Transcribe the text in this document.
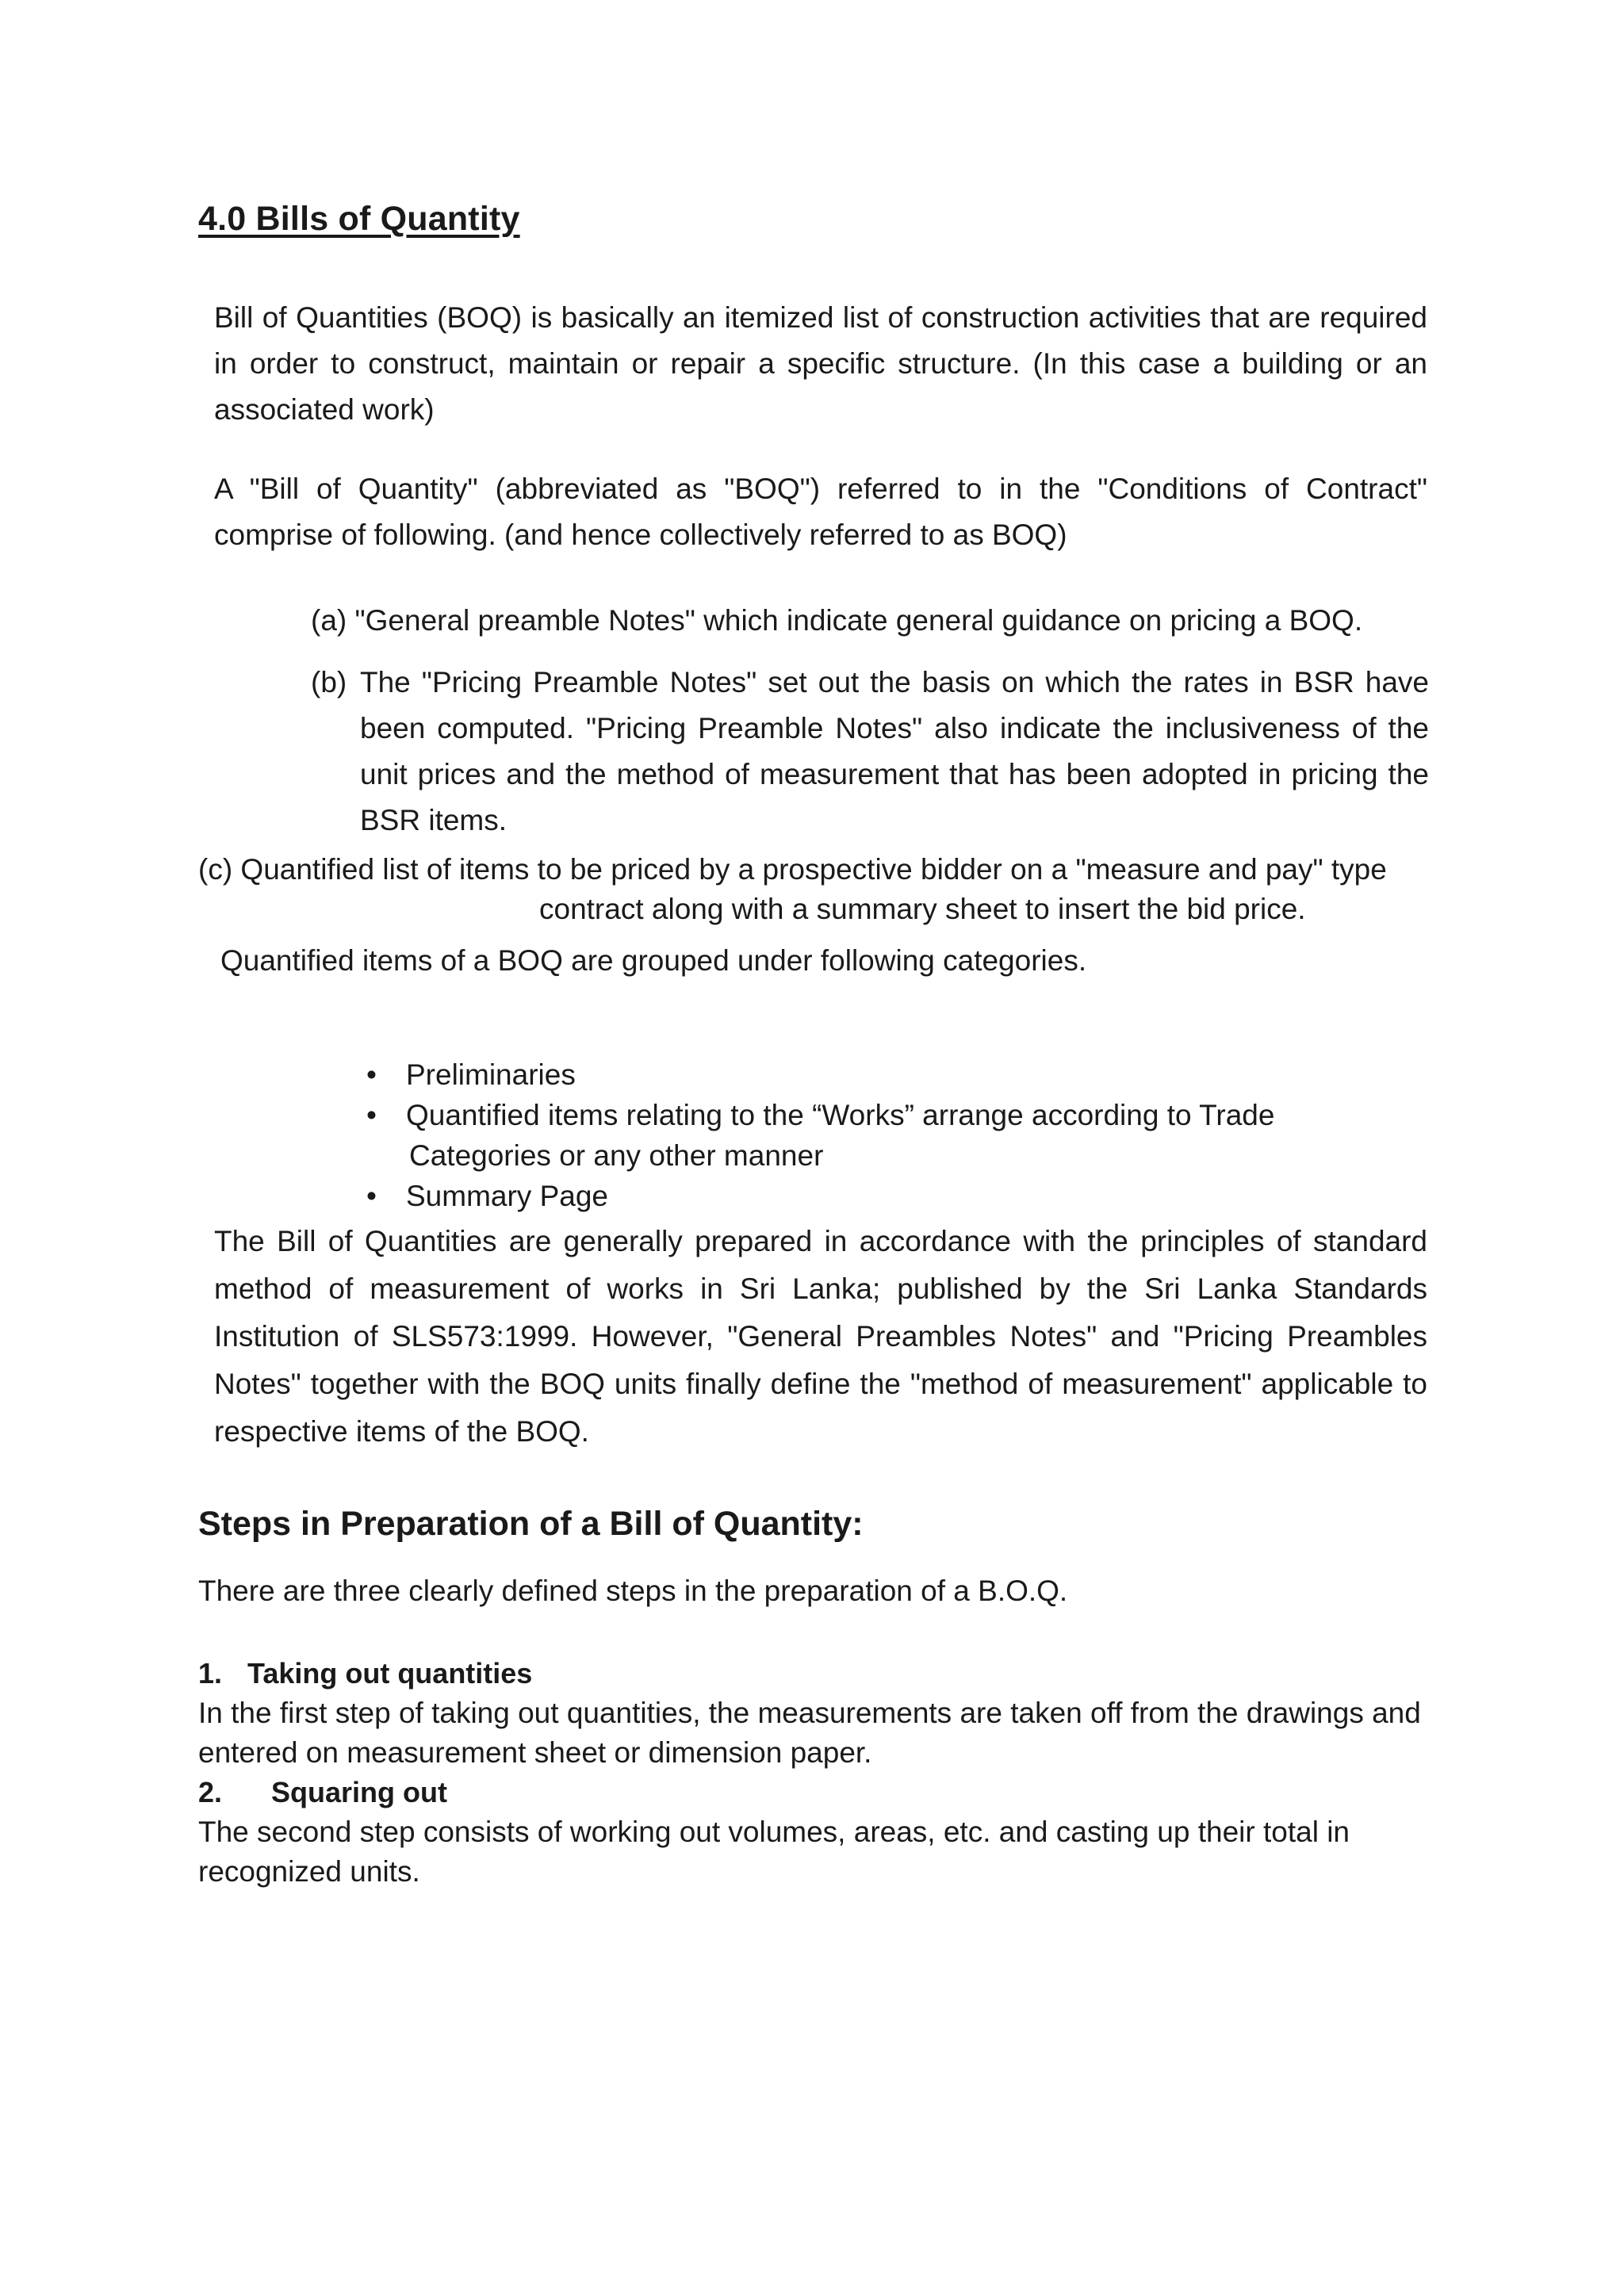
4.0 Bills of Quantity

Bill of Quantities (BOQ) is basically an itemized list of construction activities that are required in order to construct, maintain or repair a specific structure. (In this case a building or an associated work)

A "Bill of Quantity" (abbreviated as "BOQ") referred to in the "Conditions of Contract" comprise of following. (and hence collectively referred to as BOQ)

(a) "General preamble Notes" which indicate general guidance on pricing a BOQ.
(b) The "Pricing Preamble Notes" set out the basis on which the rates in BSR have been computed. "Pricing Preamble Notes" also indicate the inclusiveness of the unit prices and the method of measurement that has been adopted in pricing the BSR items.
(c) Quantified list of items to be priced by a prospective bidder on a "measure and pay" type
contract along with a summary sheet to insert the bid price.

Quantified items of a BOQ are grouped under following categories.

• Preliminaries
• Quantified items relating to the “Works” arrange according to Trade
Categories or any other manner
• Summary Page

The Bill of Quantities are generally prepared in accordance with the principles of standard method of measurement of works in Sri Lanka; published by the Sri Lanka Standards Institution of SLS573:1999. However, "General Preambles Notes" and "Pricing Preambles Notes" together with the BOQ units finally define the "method of measurement" applicable to respective items of the BOQ.

Steps in Preparation of a Bill of Quantity:

There are three clearly defined steps in the preparation of a B.O.Q.

1. Taking out quantities

In the first step of taking out quantities, the measurements are taken off from the drawings and entered on measurement sheet or dimension paper.

2. Squaring out

The second step consists of working out volumes, areas, etc. and casting up their total in recognized units.
